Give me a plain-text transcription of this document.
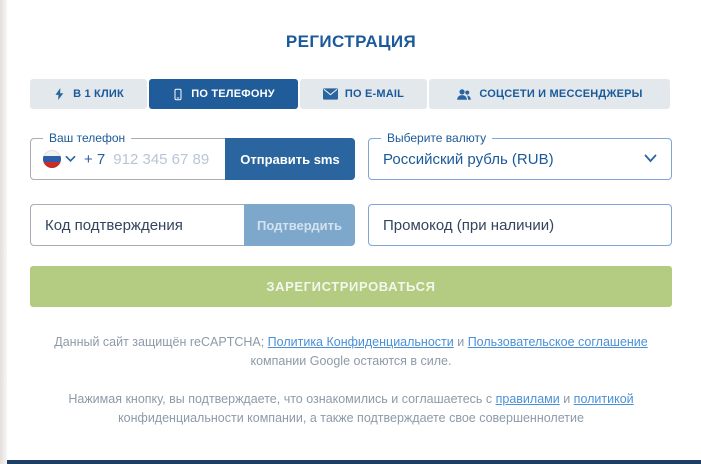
РЕГИСТРАЦИЯ
В 1 КЛИК	ПО ТЕЛЕФОНУ	ПО E-MAIL	СОЦСЕТИ И МЕССЕНДЖЕРЫ
Ваш телефон
+ 7
912 345 67 89	Отправить sms
Выберите валюту
Российский рубль (RUB)
Код подтверждения
Подтвердить
Промокод (при наличии)
ЗАРЕГИСТРИРОВАТЬСЯ

Данный сайт защищён reCAPTCHA; Политика Конфиденциальности и Пользовательское соглашение компании Google остаются в силе.

Нажимая кнопку, вы подтверждаете, что ознакомились и соглашаетесь с правилами и политикой конфиденциальности компании, а также подтверждаете свое совершеннолетие
